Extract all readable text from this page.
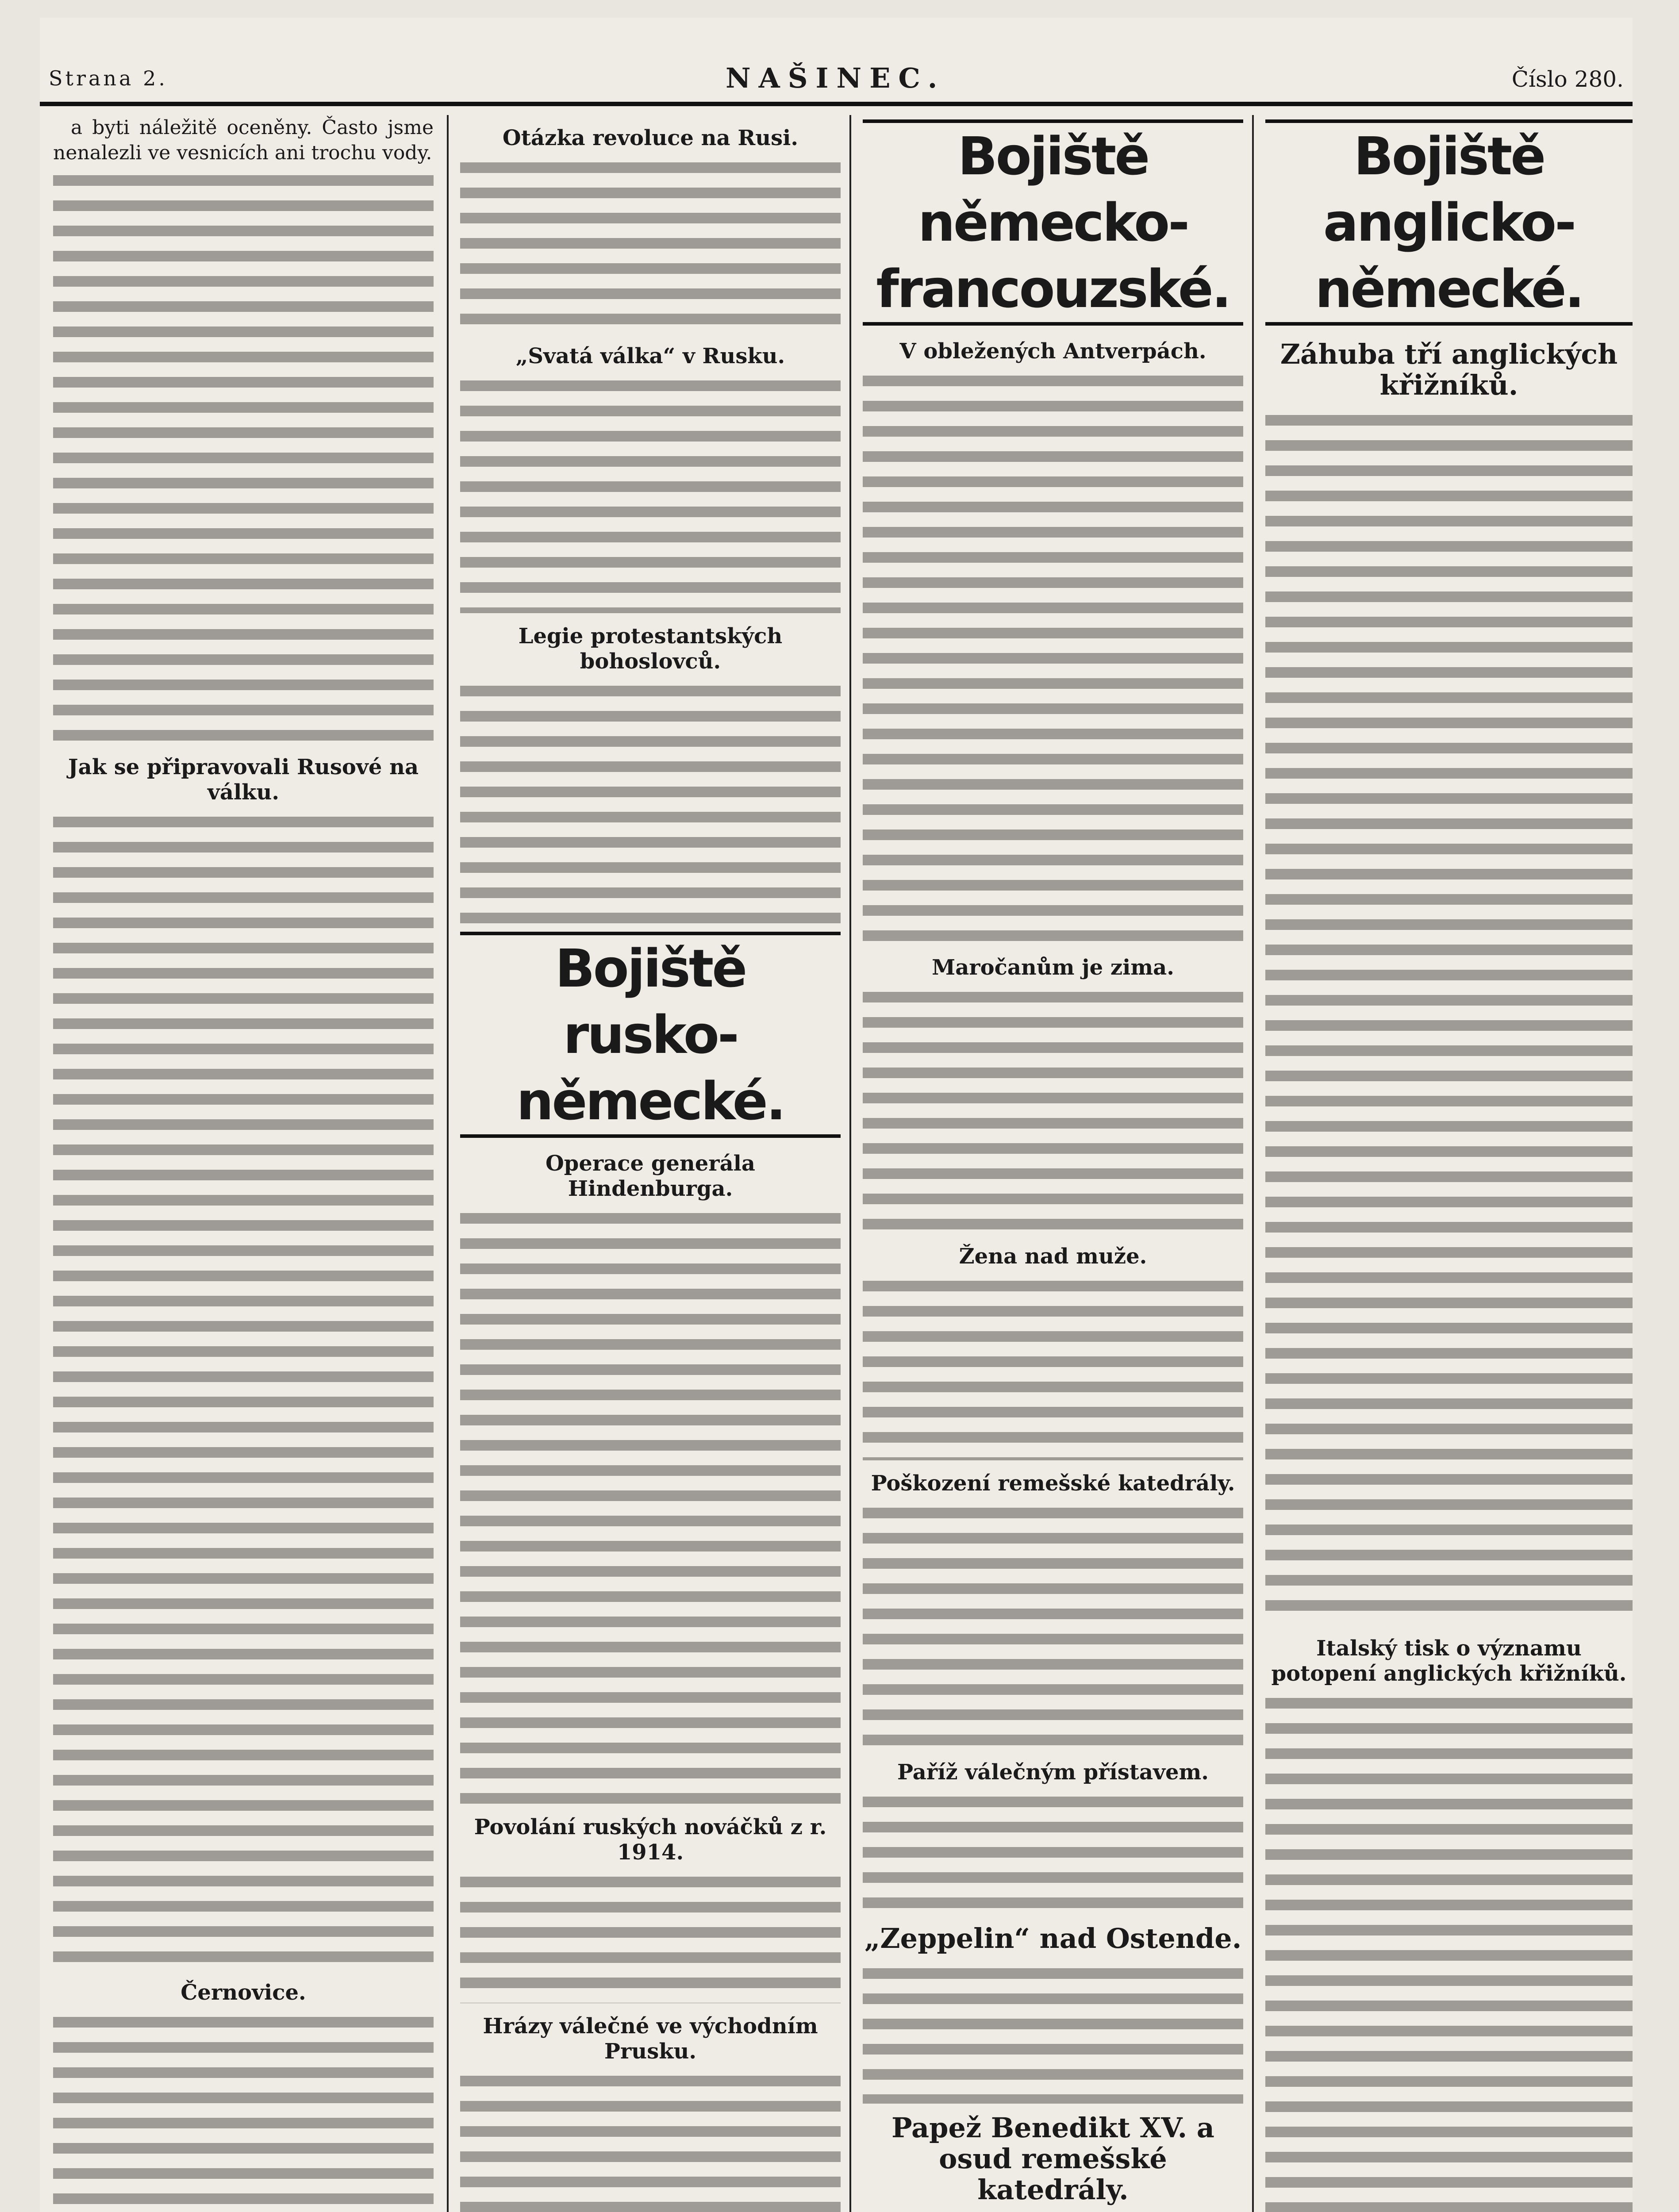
Strana 2.	NAŠINEC.	Číslo 280.

a byti náležitě oceněny. Často jsme nenalezli ve vesnicích ani trochu vody.

Jak se připravovali Rusové na válku.
Černovice.
Otázka revoluce na Rusi.
„Svatá válka“ v Rusku.
Legie protestantských bohoslovců.
Bojiště rusko-německé.
Operace generála Hindenburga.
Povolání ruských nováčků z r. 1914.
Hrázy válečné ve východním Prusku.
Bojiště německo-francouzské.
V obležených Antverpách.
Maročanům je zima.
Žena nad muže.
Poškození remešské katedrály.
Paříž válečným přístavem.
„Zeppelin“ nad Ostende.
Papež Benedikt XV. a osud remešské katedrály.
Bojiště anglicko-německé.
Záhuba tří anglických křižníků.
Italský tisk o významu potopení anglických křižníků.
